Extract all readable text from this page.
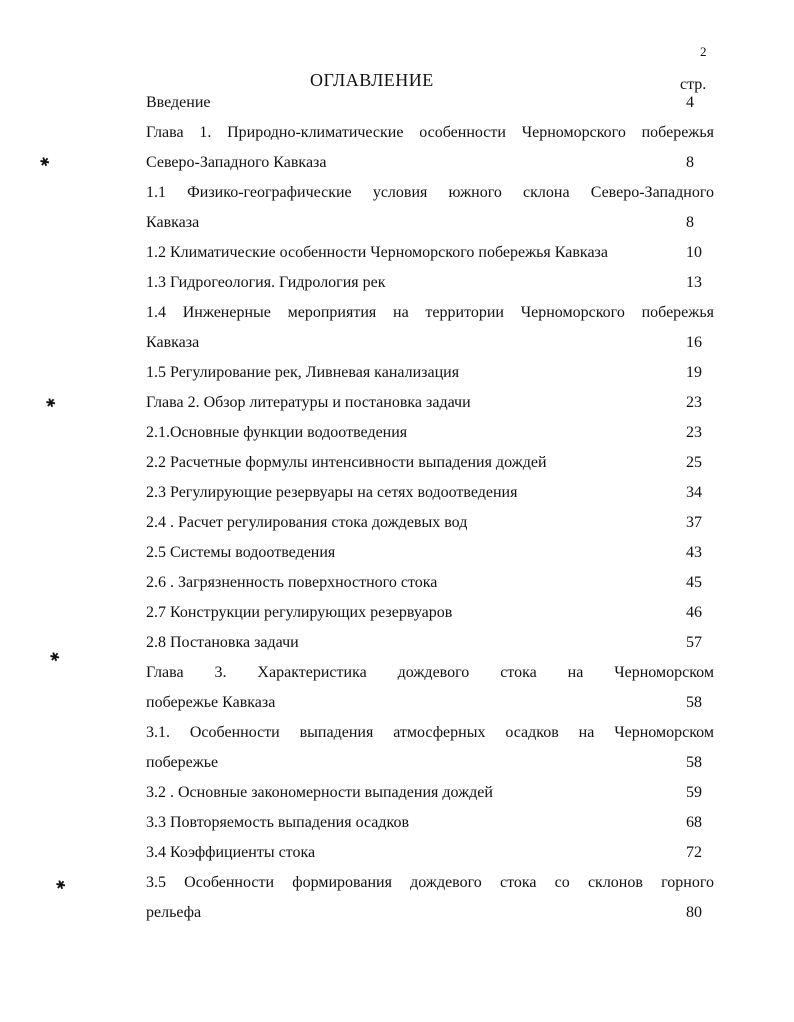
2
ОГЛАВЛЕНИЕ	стр.
✱
✱
✱
✱
Введение	4
Глава 1. Природно-климатические особенности Черноморского побережья
Северо-Западного Кавказа	8
1.1 Физико-географические условия южного склона Северо-Западного
Кавказа	8
1.2 Климатические особенности Черноморского побережья Кавказа	10
1.3 Гидрогеология. Гидрология рек	13
1.4 Инженерные мероприятия на территории Черноморского побережья
Кавказа	16
1.5 Регулирование рек, Ливневая канализация	19
Глава 2. Обзор литературы и постановка задачи	23
2.1.Основные функции водоотведения	23
2.2 Расчетные формулы интенсивности выпадения дождей	25
2.3 Регулирующие резервуары на сетях водоотведения	34
2.4 . Расчет регулирования стока дождевых вод	37
2.5 Системы водоотведения	43
2.6 . Загрязненность поверхностного стока	45
2.7 Конструкции регулирующих резервуаров	46
2.8 Постановка задачи	57
Глава 3. Характеристика дождевого стока на Черноморском
побережье Кавказа	58
3.1. Особенности выпадения атмосферных осадков на Черноморском
побережье	58
3.2 . Основные закономерности выпадения дождей	59
3.3 Повторяемость выпадения осадков	68
3.4 Коэффициенты стока	72
3.5 Особенности формирования дождевого стока со склонов горного
рельефа	80
